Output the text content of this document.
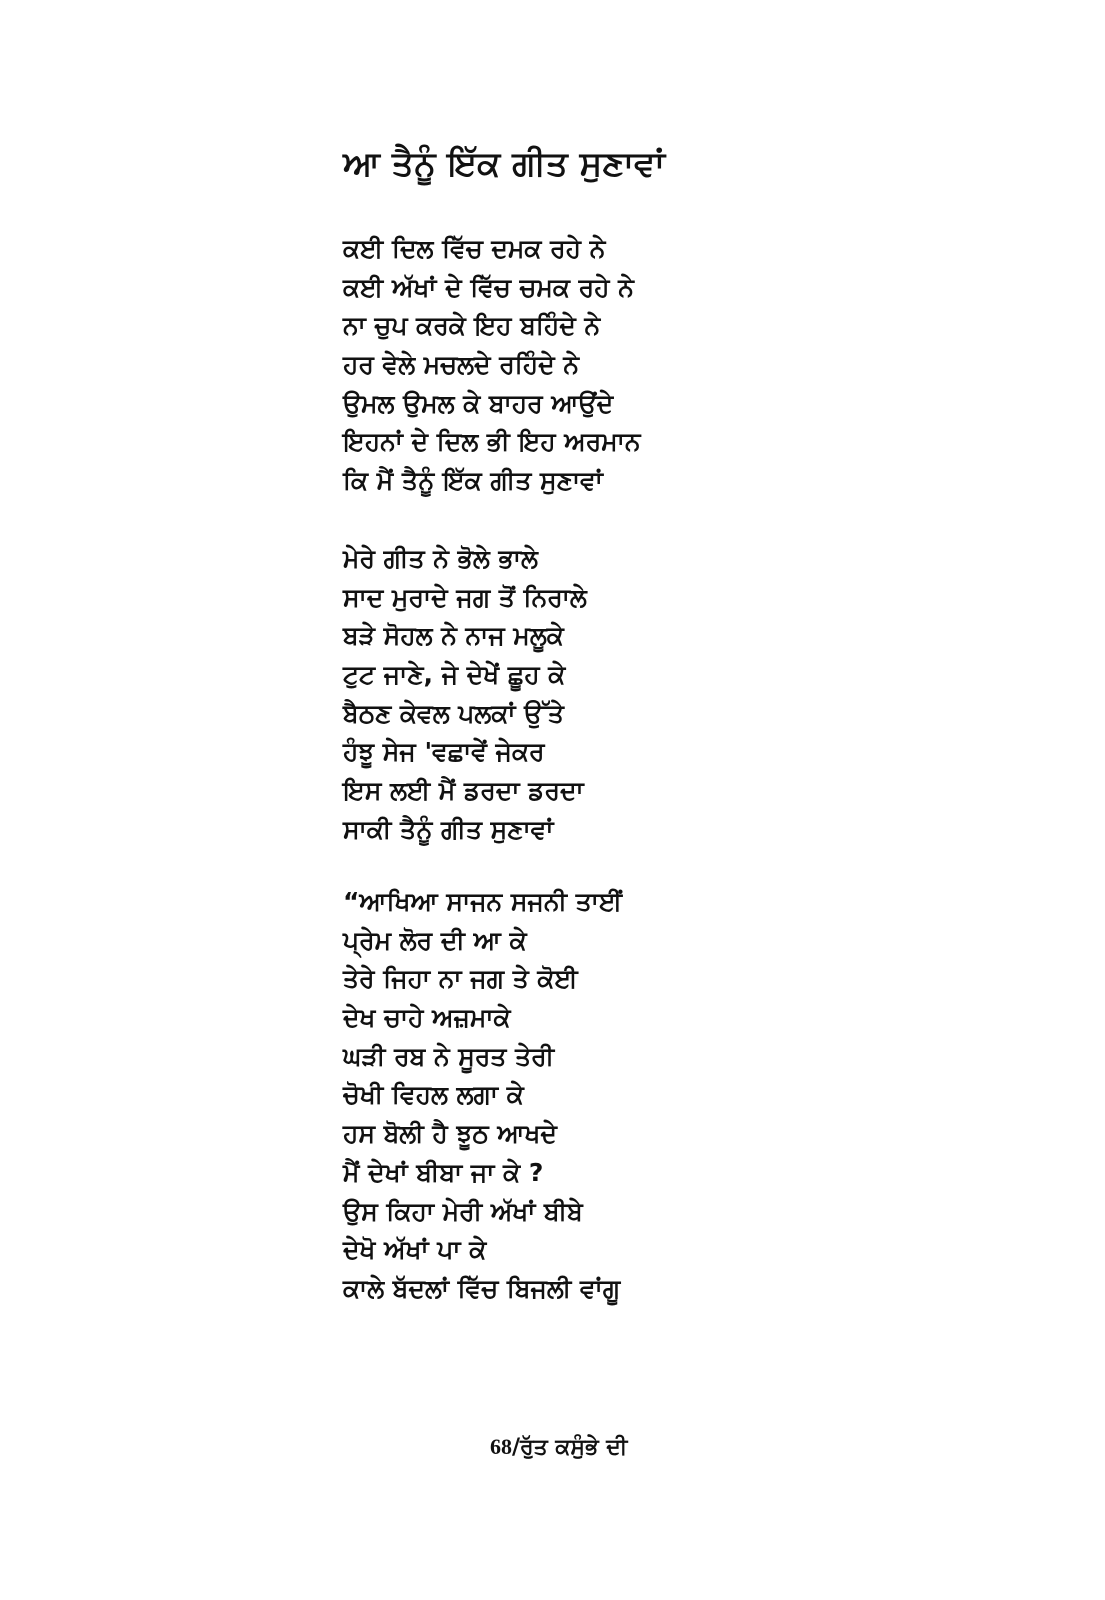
ਆ ਤੈਨੂੰ ਇੱਕ ਗੀਤ ਸੁਣਾਵਾਂ
ਕਈ ਦਿਲ ਵਿੱਚ ਦਮਕ ਰਹੇ ਨੇ
ਕਈ ਅੱਖਾਂ ਦੇ ਵਿੱਚ ਚਮਕ ਰਹੇ ਨੇ
ਨਾ ਚੁਪ ਕਰਕੇ ਇਹ ਬਹਿੰਦੇ ਨੇ
ਹਰ ਵੇਲੇ ਮਚਲਦੇ ਰਹਿੰਦੇ ਨੇ
ਉਮਲ ਉਮਲ ਕੇ ਬਾਹਰ ਆਉਂਦੇ
ਇਹਨਾਂ ਦੇ ਦਿਲ ਭੀ ਇਹ ਅਰਮਾਨ
ਕਿ ਮੈਂ ਤੈਨੂੰ ਇੱਕ ਗੀਤ ਸੁਣਾਵਾਂ
ਮੇਰੇ ਗੀਤ ਨੇ ਭੋਲੇ ਭਾਲੇ
ਸਾਦ ਮੁਰਾਦੇ ਜਗ ਤੋਂ ਨਿਰਾਲੇ
ਬੜੇ ਸੋਹਲ ਨੇ ਨਾਜ ਮਲੂਕੇ
ਟੁਟ ਜਾਣੇ, ਜੇ ਦੇਖੇਂ ਛੂਹ ਕੇ
ਬੈਠਣ ਕੇਵਲ ਪਲਕਾਂ ਉੱਤੇ
ਹੰਝੂ ਸੇਜ 'ਵਛਾਵੇਂ ਜੇਕਰ
ਇਸ ਲਈ ਮੈਂ ਡਰਦਾ ਡਰਦਾ
ਸਾਕੀ ਤੈਨੂੰ ਗੀਤ ਸੁਣਾਵਾਂ
“ਆਖਿਆ ਸਾਜਨ ਸਜਨੀ ਤਾਈਂ
ਪ੍ਰੇਮ ਲੋਰ ਦੀ ਆ ਕੇ
ਤੇਰੇ ਜਿਹਾ ਨਾ ਜਗ ਤੇ ਕੋਈ
ਦੇਖ ਚਾਹੇ ਅਜ਼ਮਾਕੇ
ਘੜੀ ਰਬ ਨੇ ਸੂਰਤ ਤੇਰੀ
ਚੋਖੀ ਵਿਹਲ ਲਗਾ ਕੇ
ਹਸ ਬੋਲੀ ਹੈ ਝੂਠ ਆਖਦੇ
ਮੈਂ ਦੇਖਾਂ ਬੀਬਾ ਜਾ ਕੇ ?
ਉਸ ਕਿਹਾ ਮੇਰੀ ਅੱਖਾਂ ਬੀਬੇ
ਦੇਖੋ ਅੱਖਾਂ ਪਾ ਕੇ
ਕਾਲੇ ਬੱਦਲਾਂ ਵਿੱਚ ਬਿਜਲੀ ਵਾਂਗੂ
68/ਰੁੱਤ ਕਸੁੰਭੇ ਦੀ
